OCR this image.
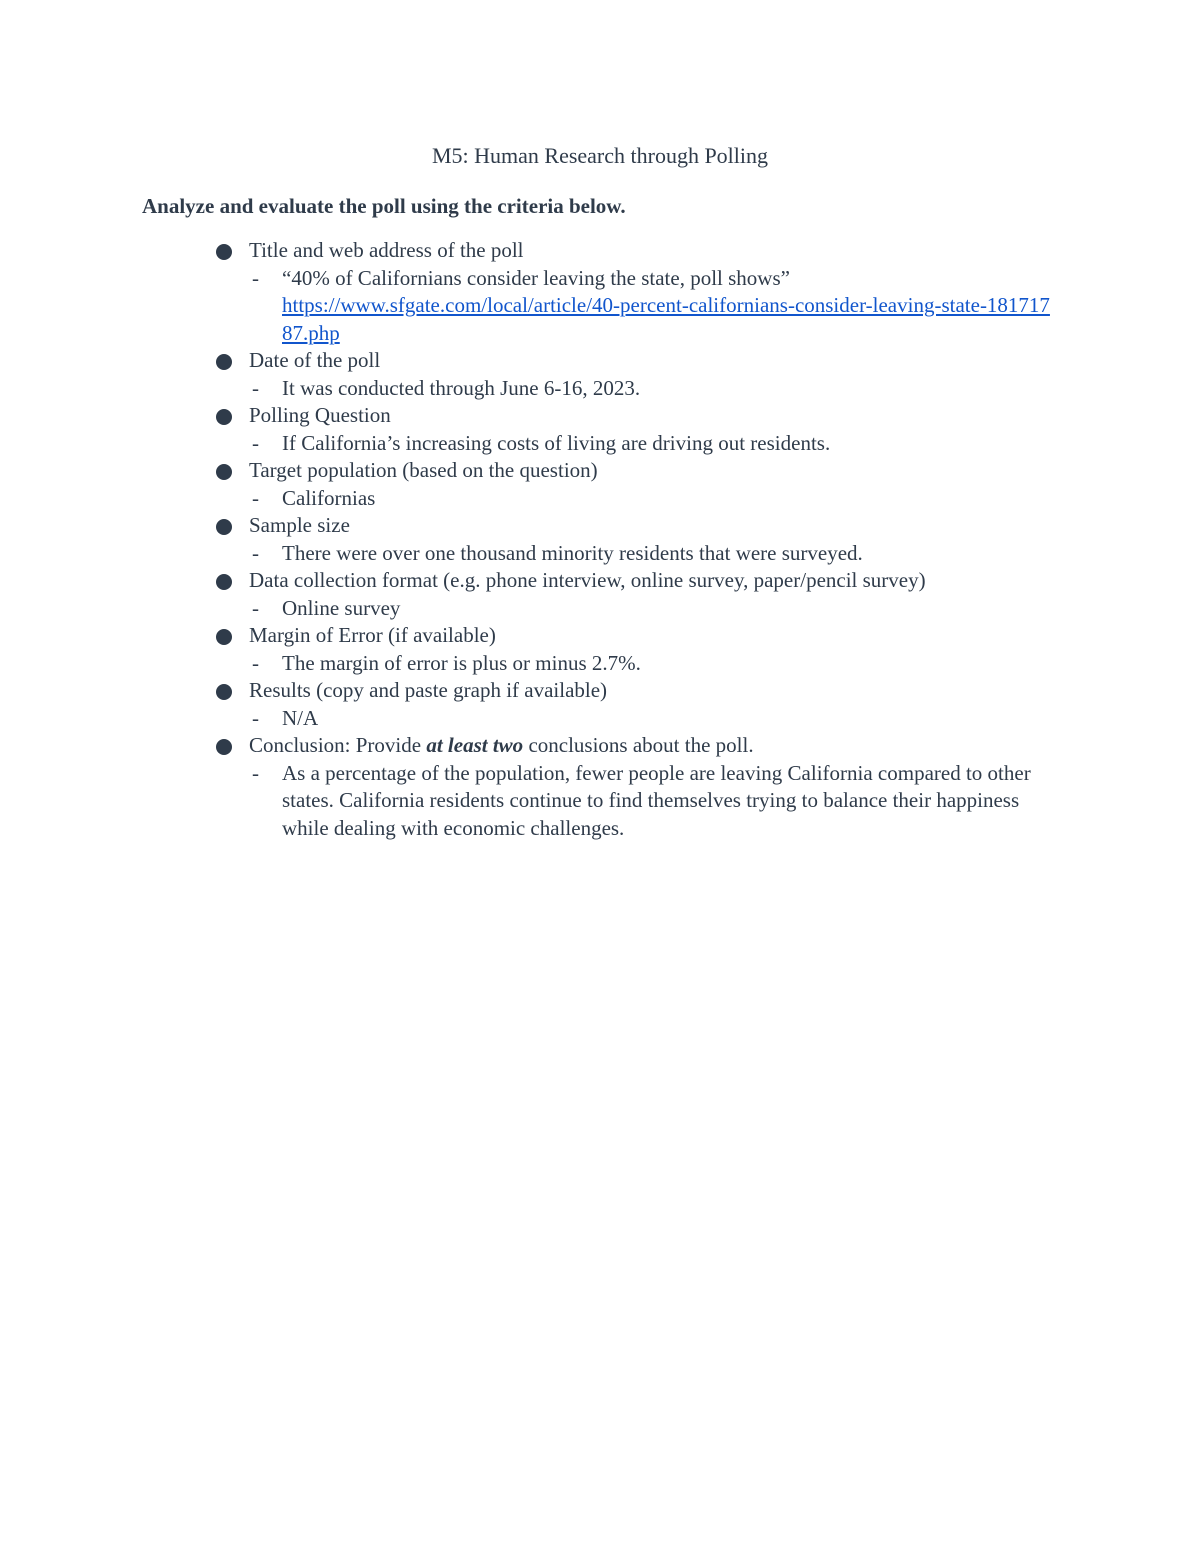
M5: Human Research through Polling
Analyze and evaluate the poll using the criteria below.
Title and web address of the poll
- “40% of Californians consider leaving the state, poll shows”
https://www.sfgate.com/local/article/40-percent-californians-consider-leaving-state-18171787.php
Date of the poll
- It was conducted through June 6-16, 2023.
Polling Question
- If California’s increasing costs of living are driving out residents.
Target population (based on the question)
- Californias
Sample size
- There were over one thousand minority residents that were surveyed.
Data collection format (e.g. phone interview, online survey, paper/pencil survey)
- Online survey
Margin of Error (if available)
- The margin of error is plus or minus 2.7%.
Results (copy and paste graph if available)
- N/A
Conclusion: Provide at least two conclusions about the poll.
- As a percentage of the population, fewer people are leaving California compared to other states. California residents continue to find themselves trying to balance their happiness while dealing with economic challenges.
